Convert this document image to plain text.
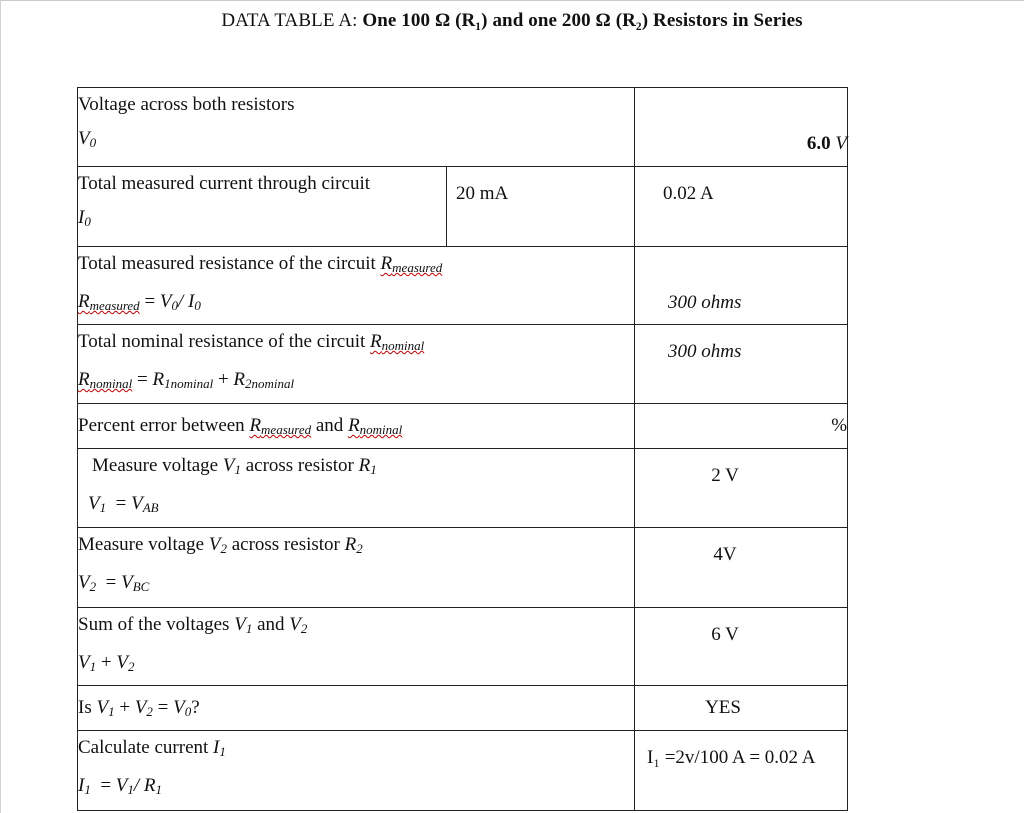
DATA TABLE A: One 100 Ω (R₁) and one 200 Ω (R₂) Resistors in Series
Voltage across both resistors
$V_0$		6.0 V

Total measured current through circuit
$I_0$	20 mA	0.02 A

Total measured resistance of the circuit $R_{measured}$
$R_{measured} = V_0/$ $I_0$		300 ohms

Total nominal resistance of the circuit $R_{nominal}$
$R_{nominal} = R_{1nominal} + R_{2nominal}$		300 ohms

Percent error between $R_{measured}$ and $R_{nominal}$		%

Measure voltage $V_1$ across resistor $R_1$
$V_1 = V_{AB}$		2 V

Measure voltage $V_2$ across resistor $R_2$
$V_2 = V_{BC}$		4V

Sum of the voltages $V_1$ and $V_2$
$V_1 + V_2$		6 V

Is $V_1 + V_2 = V_0$?		YES

Calculate current $I_1$
$I_1 = V_1/$ $R_1$		I₁ =2v/100 A = 0.02 A
